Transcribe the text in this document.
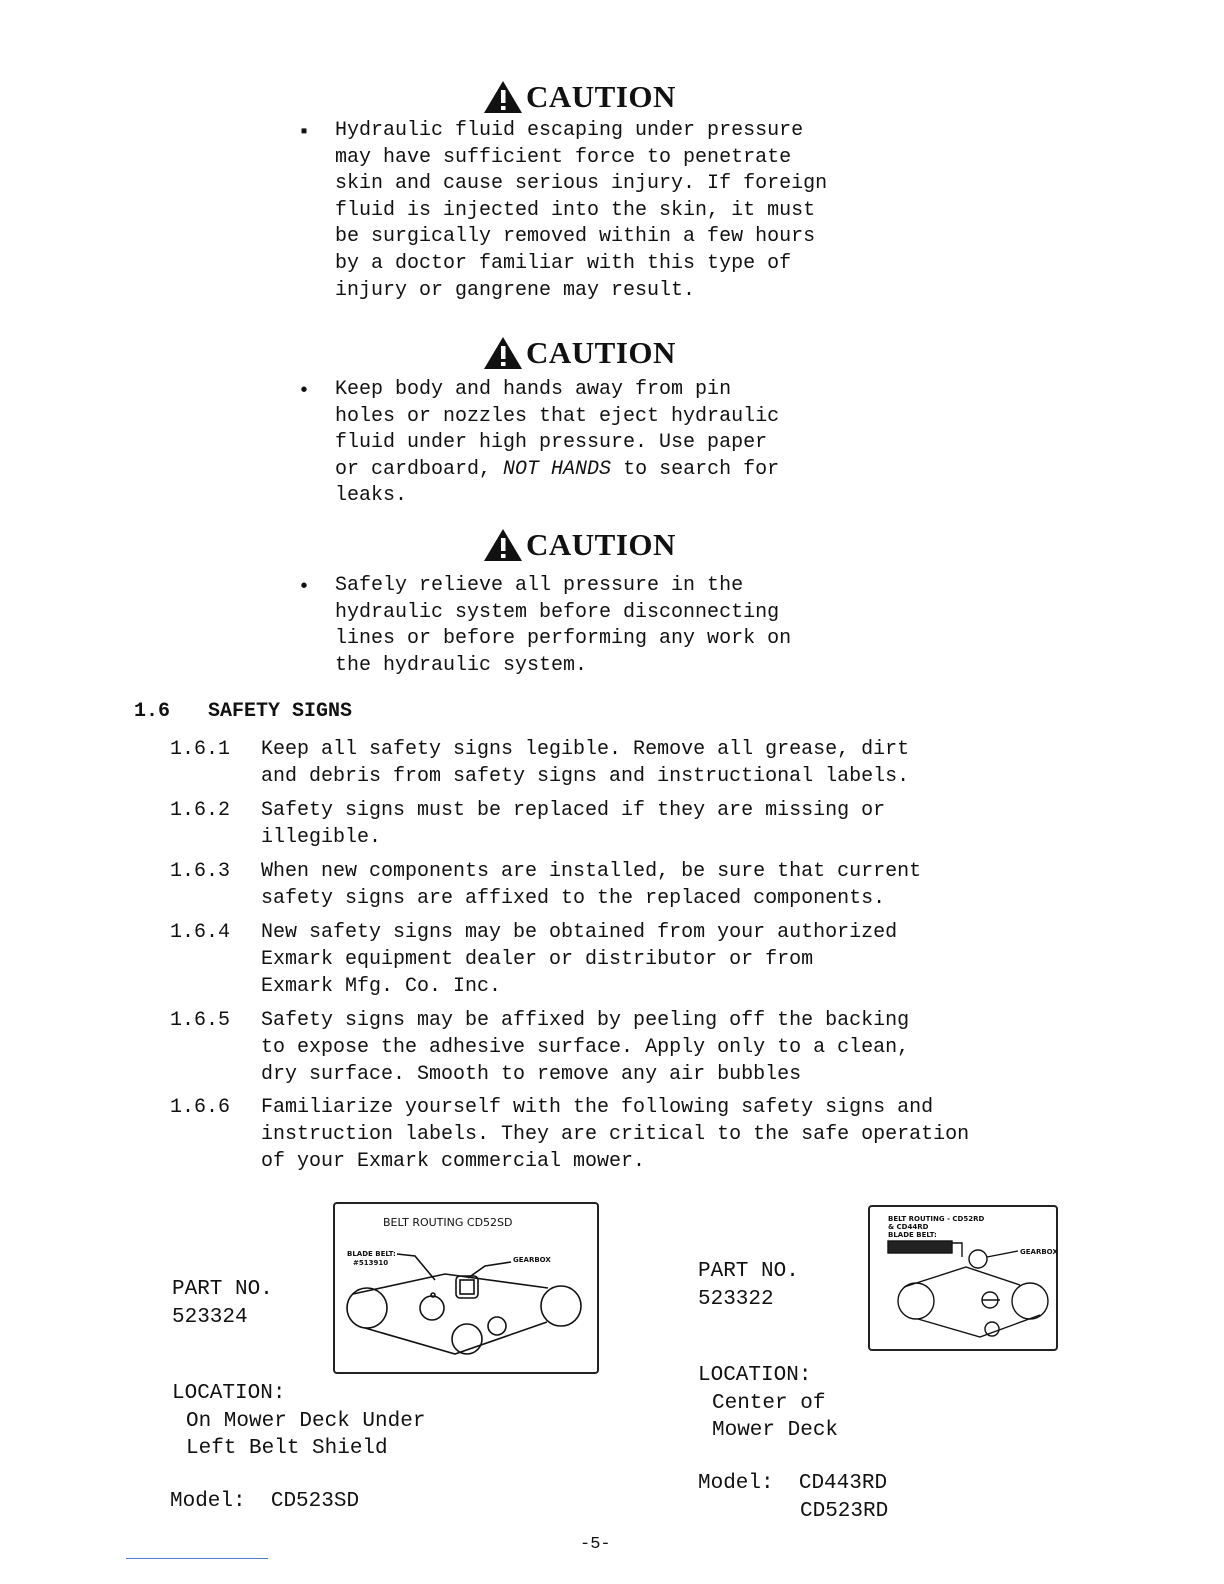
CAUTION
▪ Hydraulic fluid escaping under pressure
may have sufficient force to penetrate
skin and cause serious injury. If foreign
fluid is injected into the skin, it must
be surgically removed within a few hours
by a doctor familiar with this type of
injury or gangrene may result.
CAUTION
• Keep body and hands away from pin
holes or nozzles that eject hydraulic
fluid under high pressure. Use paper
or cardboard, NOT HANDS to search for
leaks.
CAUTION
• Safely relieve all pressure in the
hydraulic system before disconnecting
lines or before performing any work on
the hydraulic system.
1.6 SAFETY SIGNS
1.6.1	Keep all safety signs legible. Remove all grease, dirt
and debris from safety signs and instructional labels.
1.6.2	Safety signs must be replaced if they are missing or
illegible.
1.6.3	When new components are installed, be sure that current
safety signs are affixed to the replaced components.
1.6.4	New safety signs may be obtained from your authorized
Exmark equipment dealer or distributor or from
Exmark Mfg. Co. Inc.
1.6.5	Safety signs may be affixed by peeling off the backing
to expose the adhesive surface. Apply only to a clean,
dry surface. Smooth to remove any air bubbles
1.6.6	Familiarize yourself with the following safety signs and
instruction labels. They are critical to the safe operation
of your Exmark commercial mower.
PART NO.
523324
BELT ROUTING CD52SD
BLADE BELT:
#513910	GEARBOX
LOCATION:
On Mower Deck Under
Left Belt Shield
Model: CD523SD
PART NO.
523322
BELT ROUTING - CD52RD
& CD44RD
BLADE BELT:
GEARBOX
LOCATION:
Center of
Mower Deck
Model: CD443RD
CD523RD
-5-
